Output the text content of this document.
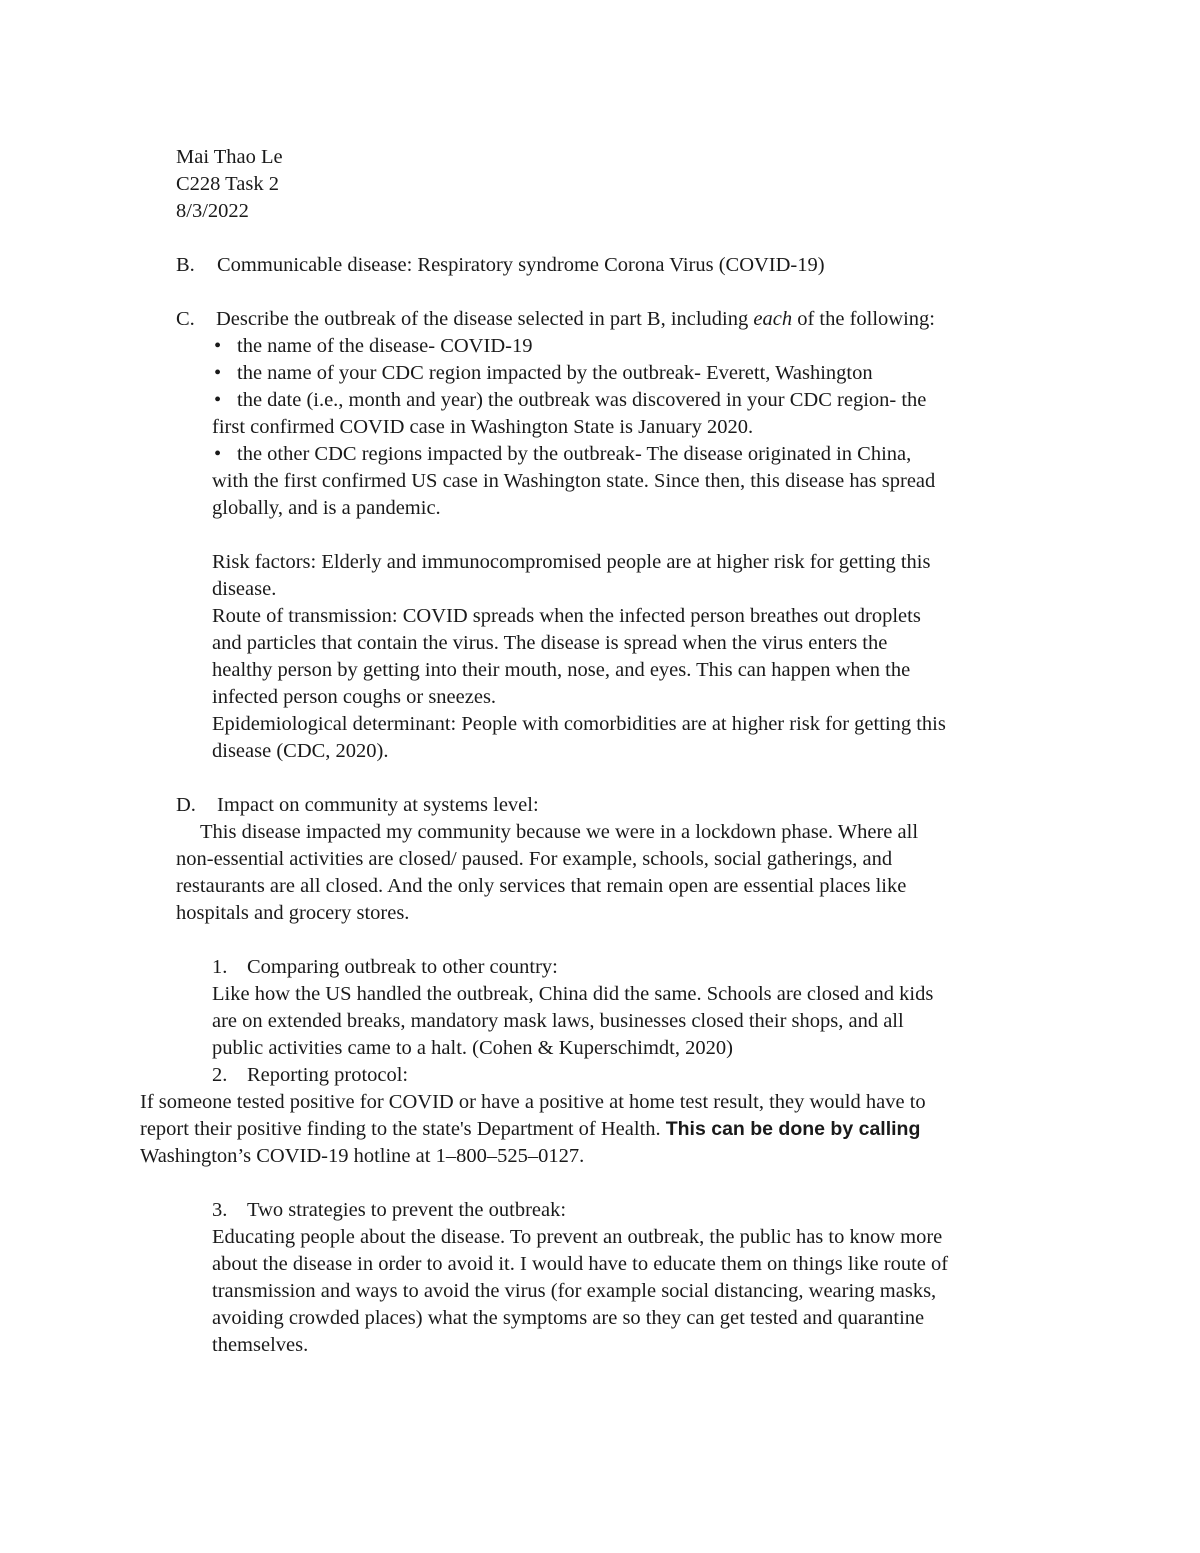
Mai Thao Le
C228 Task 2
8/3/2022
B. Communicable disease: Respiratory syndrome Corona Virus (COVID-19)
C. Describe the outbreak of the disease selected in part B, including each of the following:
• the name of the disease- COVID-19
• the name of your CDC region impacted by the outbreak- Everett, Washington
• the date (i.e., month and year) the outbreak was discovered in your CDC region- the
first confirmed COVID case in Washington State is January 2020.
• the other CDC regions impacted by the outbreak- The disease originated in China,
with the first confirmed US case in Washington state. Since then, this disease has spread
globally, and is a pandemic.
Risk factors: Elderly and immunocompromised people are at higher risk for getting this
disease.
Route of transmission: COVID spreads when the infected person breathes out droplets
and particles that contain the virus. The disease is spread when the virus enters the
healthy person by getting into their mouth, nose, and eyes. This can happen when the
infected person coughs or sneezes.
Epidemiological determinant: People with comorbidities are at higher risk for getting this
disease (CDC, 2020).
D. Impact on community at systems level:
This disease impacted my community because we were in a lockdown phase. Where all
non-essential activities are closed/ paused. For example, schools, social gatherings, and
restaurants are all closed. And the only services that remain open are essential places like
hospitals and grocery stores.
1. Comparing outbreak to other country:
Like how the US handled the outbreak, China did the same. Schools are closed and kids
are on extended breaks, mandatory mask laws, businesses closed their shops, and all
public activities came to a halt. (Cohen & Kuperschimdt, 2020)
2. Reporting protocol:
If someone tested positive for COVID or have a positive at home test result, they would have to
report their positive finding to the state's Department of Health. This can be done by calling
Washington’s COVID-19 hotline at 1–800–525–0127.
3. Two strategies to prevent the outbreak:
Educating people about the disease. To prevent an outbreak, the public has to know more
about the disease in order to avoid it. I would have to educate them on things like route of
transmission and ways to avoid the virus (for example social distancing, wearing masks,
avoiding crowded places) what the symptoms are so they can get tested and quarantine
themselves.
